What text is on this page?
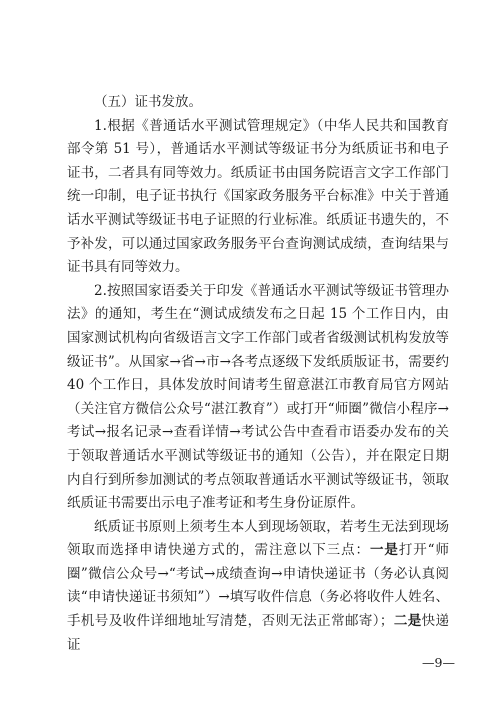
（五）证书发放。

1.根据《普通话水平测试管理规定》（中华人民共和国教育部令第 51 号），普通话水平测试等级证书分为纸质证书和电子证书，二者具有同等效力。纸质证书由国务院语言文字工作部门统一印制，电子证书执行《国家政务服务平台标准》中关于普通话水平测试等级证书电子证照的行业标准。纸质证书遗失的，不予补发，可以通过国家政务服务平台查询测试成绩，查询结果与证书具有同等效力。

2.按照国家语委关于印发《普通话水平测试等级证书管理办法》的通知，考生在“测试成绩发布之日起 15 个工作日内，由国家测试机构向省级语言文字工作部门或者省级测试机构发放等级证书”。从国家→省→市→各考点逐级下发纸质版证书，需要约 40 个工作日，具体发放时间请考生留意湛江市教育局官方网站（关注官方微信公众号“湛江教育”）或打开“师圈”微信小程序→考试→报名记录→查看详情→考试公告中查看市语委办发布的关于领取普通话水平测试等级证书的通知（公告），并在限定日期内自行到所参加测试的考点领取普通话水平测试等级证书，领取纸质证书需要出示电子准考证和考生身份证原件。

纸质证书原则上须考生本人到现场领取，若考生无法到现场领取而选择申请快递方式的，需注意以下三点：一是打开“师圈”微信公众号→“考试→成绩查询→申请快递证书（务必认真阅读“申请快递证书须知”）→填写收件信息（务必将收件人姓名、手机号及收件详细地址写清楚，否则无法正常邮寄）；二是快递证

—9—
